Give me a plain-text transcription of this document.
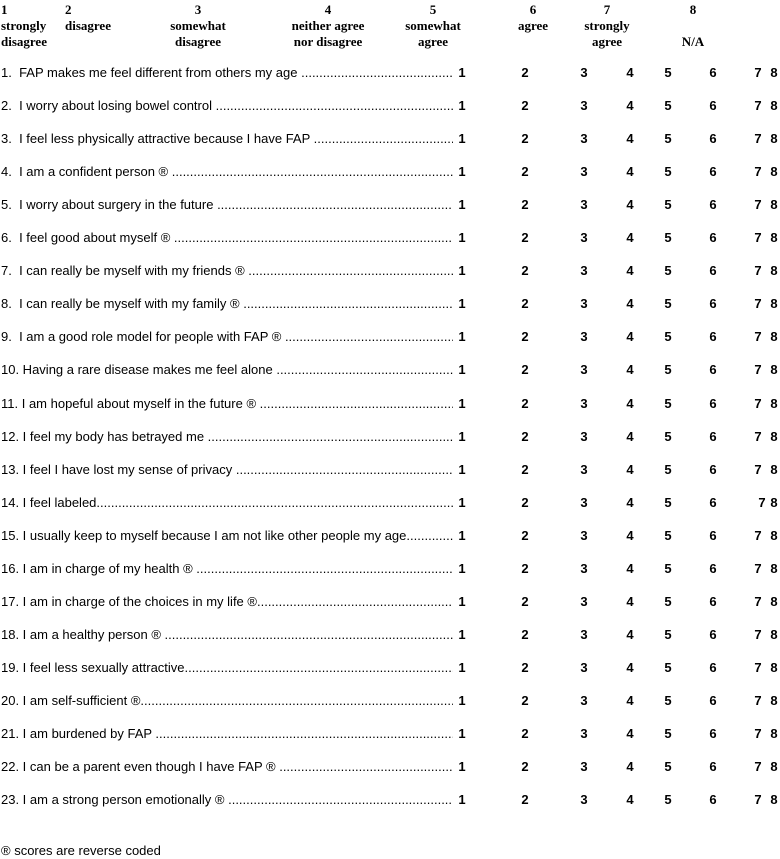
1
strongly
disagree
2
disagree
3
somewhat
disagree
4
neither agree
nor disagree
5
somewhat
agree
6
agree
7
strongly
agree
8

N/A
1.  FAP makes me feel different from others my age .....	1	2	3	4 5	6	7 8
2.  I worry about losing bowel control .....	1	2	3	4 5	6	7 8
3.  I feel less physically attractive because I have FAP .....	1	2	3	4 5	6	7 8
4.  I am a confident person ® .....	1	2	3	4 5	6	7 8
5.  I worry about surgery in the future .....	1	2	3	4 5	6	7 8
6.  I feel good about myself ® .....	1	2	3	4 5	6	7 8
7.  I can really be myself with my friends ® .....	1	2	3	4 5	6	7 8
8.  I can really be myself with my family ® .....	1	2	3	4 5	6	7 8
9.  I am a good role model for people with FAP ® .....	1	2	3	4 5	6	7 8
10. Having a rare disease makes me feel alone .....	1	2	3	4 5	6	7 8
11. I am hopeful about myself in the future ® .....	1	2	3	4 5	6	7 8
12. I feel my body has betrayed me .....	1	2	3	4 5	6	7 8
13. I feel I have lost my sense of privacy .....	1	2	3	4 5	6	7 8
14. I feel labeled .....	1	2	3	4 5	6	7 8
15. I usually keep to myself because I am not like other people my age .....	1	2	3	4 5	6	7 8
16. I am in charge of my health ® .....	1	2	3	4 5	6	7 8
17. I am in charge of the choices in my life ® .....	1	2	3	4 5	6	7 8
18. I am a healthy person ® .....	1	2	3	4 5	6	7 8
19. I feel less sexually attractive .....	1	2	3	4 5	6	7 8
20. I am self-sufficient ® .....	1	2	3	4 5	6	7 8
21. I am burdened by FAP .....	1	2	3	4 5	6	7 8
22. I can be a parent even though I have FAP ® .....	1	2	3	4 5	6	7 8
23. I am a strong person emotionally ® .....	1	2	3	4 5	6	7 8
® scores are reverse coded
